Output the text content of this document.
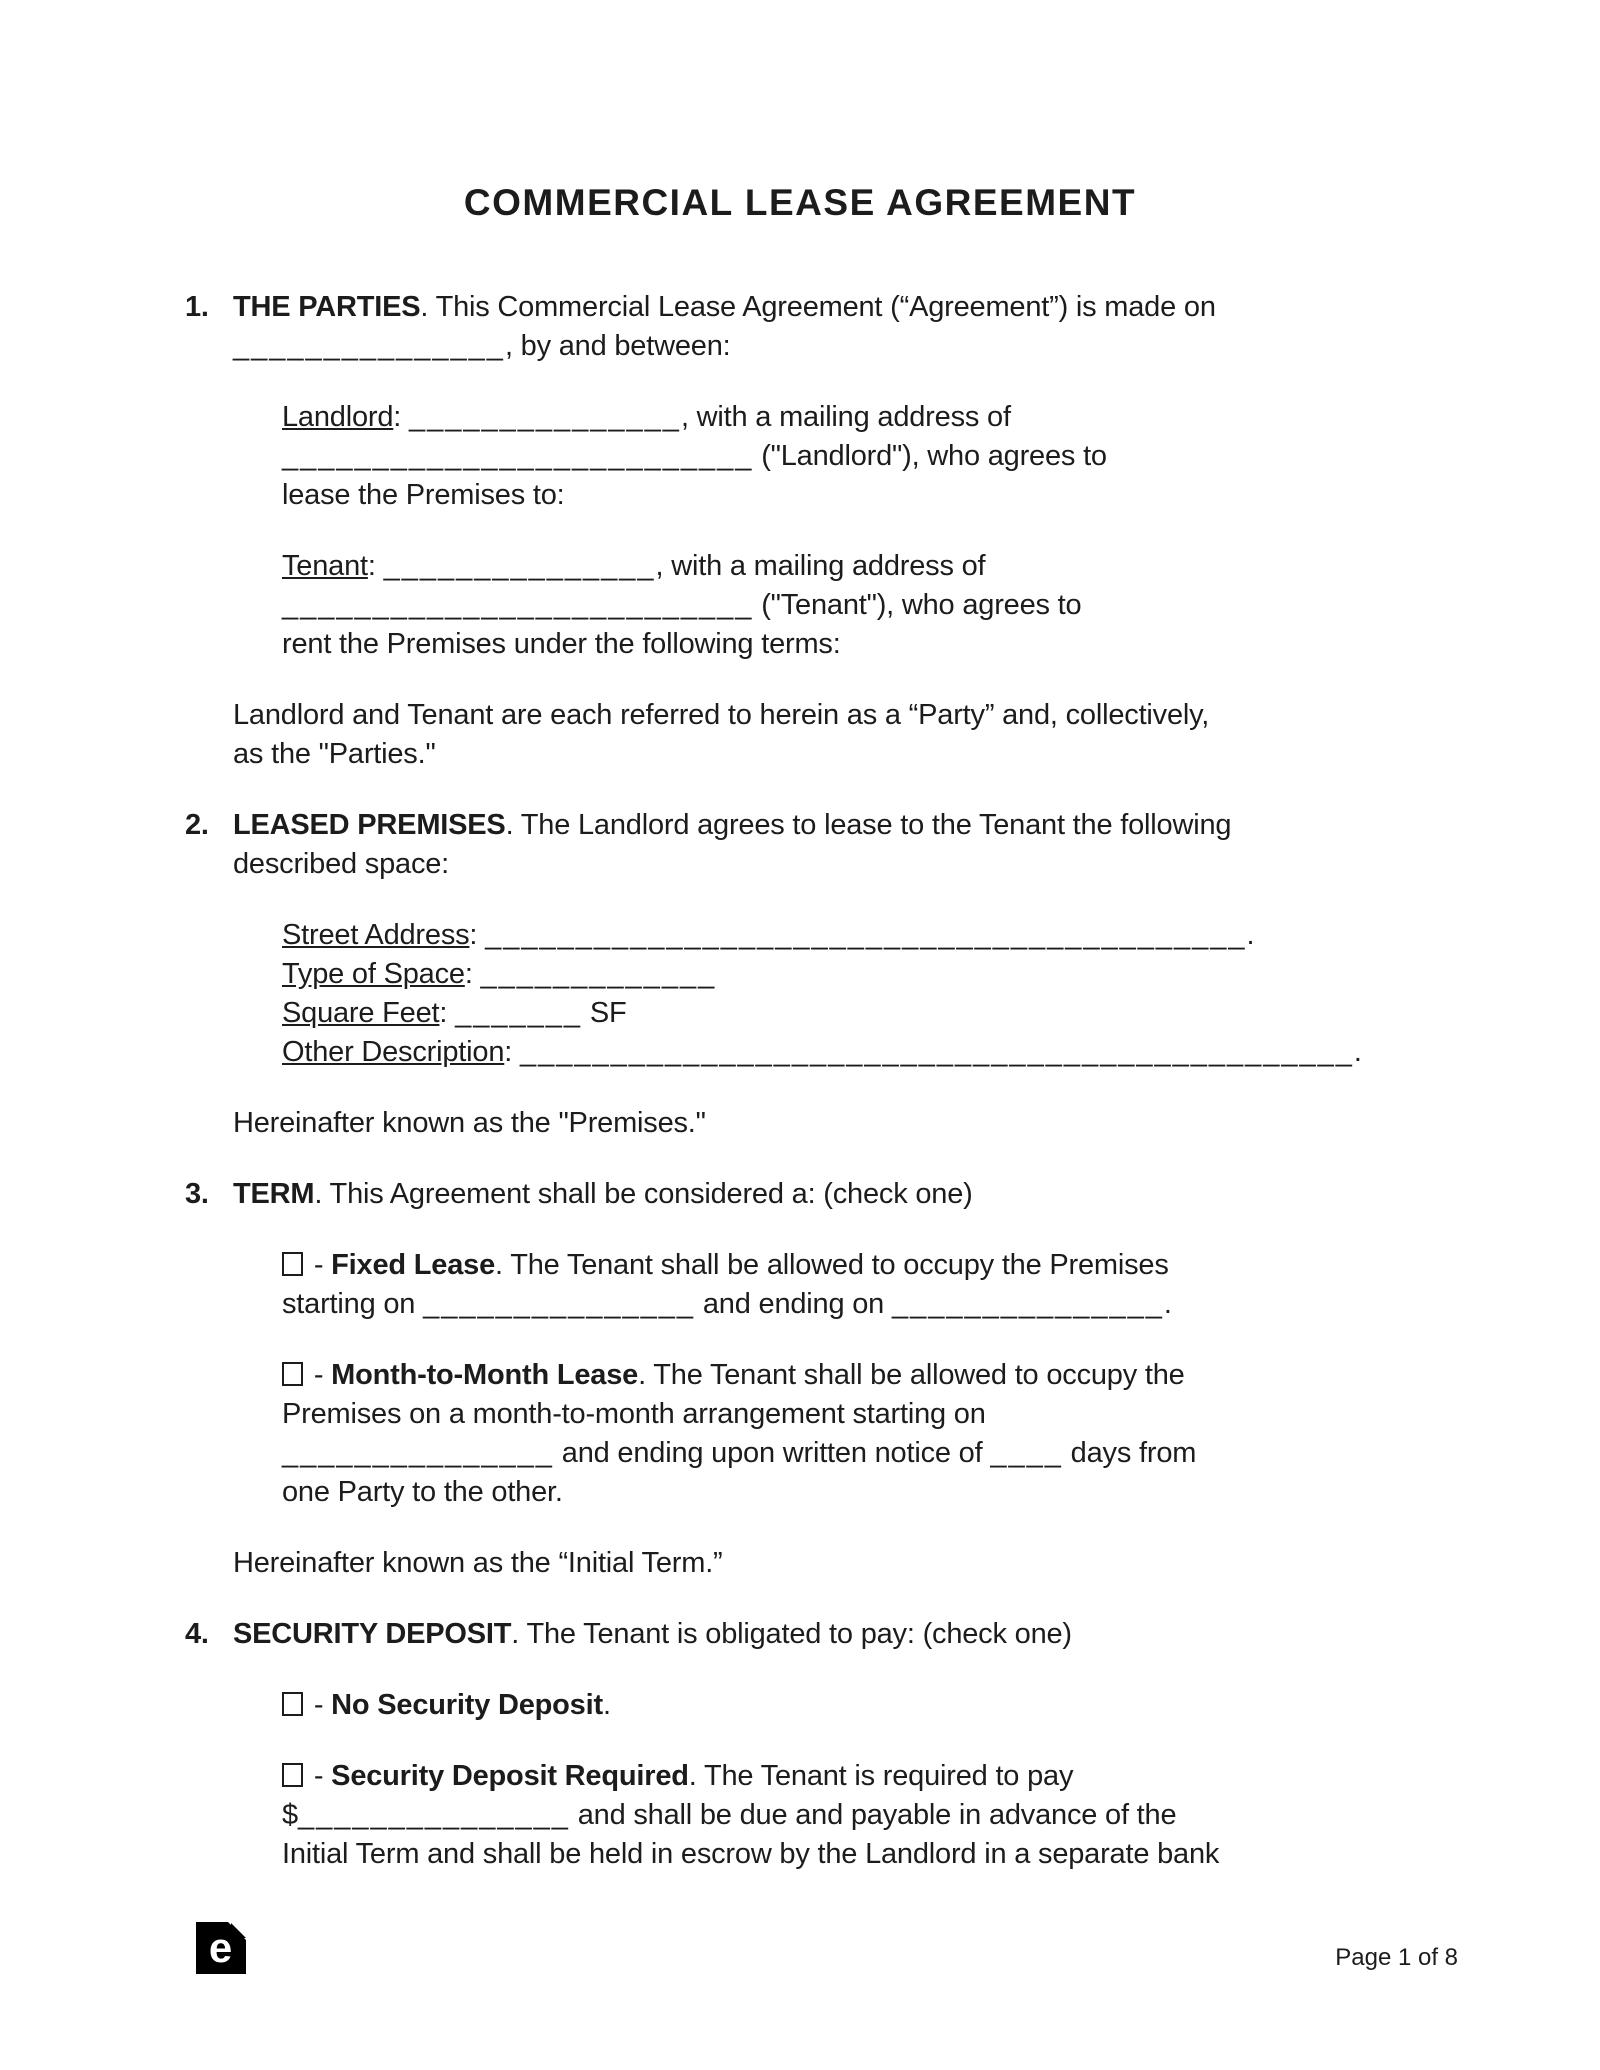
COMMERCIAL LEASE AGREEMENT
1. THE PARTIES. This Commercial Lease Agreement (“Agreement”) is made on
_______________, by and between:

Landlord: _______________, with a mailing address of
__________________________ ("Landlord"), who agrees to
lease the Premises to:

Tenant: _______________, with a mailing address of
__________________________ ("Tenant"), who agrees to
rent the Premises under the following terms:

Landlord and Tenant are each referred to herein as a “Party” and, collectively,
as the "Parties."

2. LEASED PREMISES. The Landlord agrees to lease to the Tenant the following
described space:

Street Address: __________________________________________.
Type of Space: _____________
Square Feet: _______ SF
Other Description: ______________________________________________.

Hereinafter known as the "Premises."

3. TERM. This Agreement shall be considered a: (check one)

- Fixed Lease. The Tenant shall be allowed to occupy the Premises
starting on _______________ and ending on _______________.

- Month-to-Month Lease. The Tenant shall be allowed to occupy the
Premises on a month-to-month arrangement starting on
_______________ and ending upon written notice of ____ days from
one Party to the other.

Hereinafter known as the “Initial Term.”

4. SECURITY DEPOSIT. The Tenant is obligated to pay: (check one)

- No Security Deposit.

- Security Deposit Required. The Tenant is required to pay
$_______________ and shall be due and payable in advance of the
Initial Term and shall be held in escrow by the Landlord in a separate bank

e	Page 1 of 8
